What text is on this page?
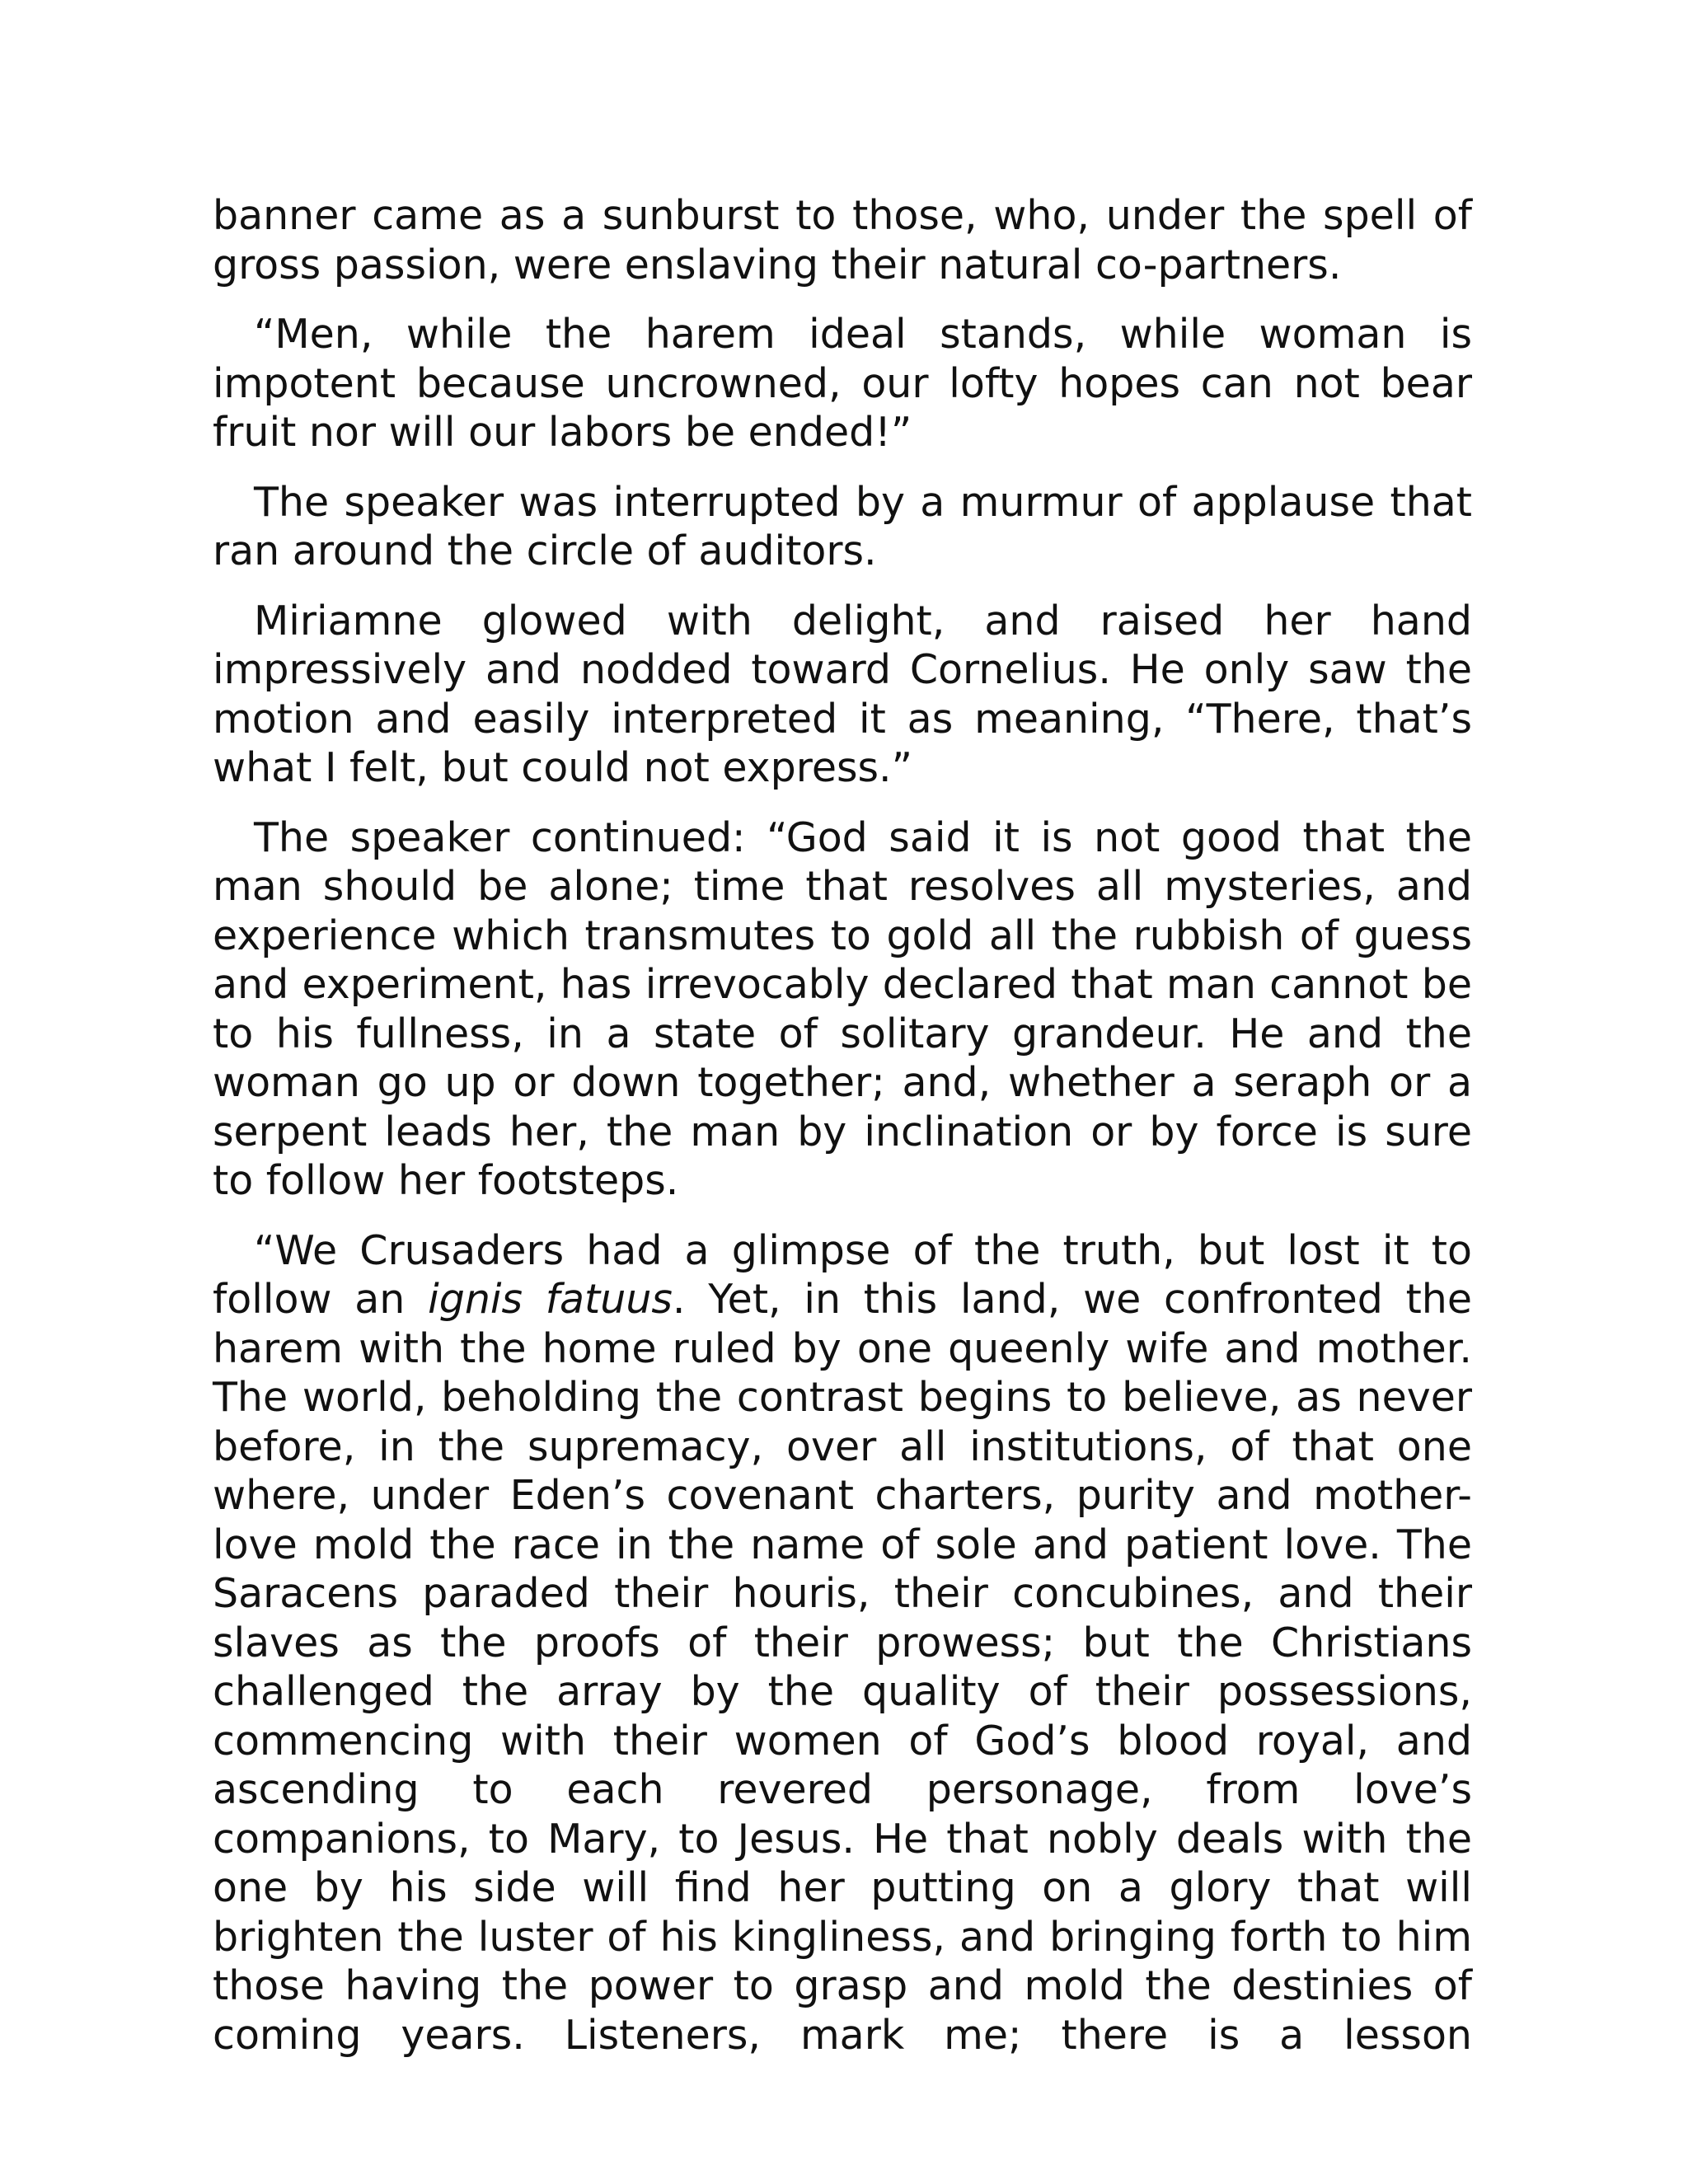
banner came as a sunburst to those, who, under the spell of gross passion, were enslaving their natural co-partners.

“Men, while the harem ideal stands, while woman is impotent because uncrowned, our lofty hopes can not bear fruit nor will our labors be ended!”

The speaker was interrupted by a murmur of applause that ran around the circle of auditors.

Miriamne glowed with delight, and raised her hand impressively and nodded toward Cornelius. He only saw the motion and easily interpreted it as meaning, “There, that’s what I felt, but could not express.”

The speaker continued: “God said it is not good that the man should be alone; time that resolves all mysteries, and experience which transmutes to gold all the rubbish of guess and experiment, has irrevocably declared that man cannot be to his fullness, in a state of solitary grandeur. He and the woman go up or down together; and, whether a seraph or a serpent leads her, the man by inclination or by force is sure to follow her footsteps.

“We Crusaders had a glimpse of the truth, but lost it to follow an ignis fatuus. Yet, in this land, we confronted the harem with the home ruled by one queenly wife and mother. The world, beholding the contrast begins to believe, as never before, in the supremacy, over all institutions, of that one where, under Eden’s covenant charters, purity and mother-love mold the race in the name of sole and patient love. The Saracens paraded their houris, their concubines, and their slaves as the proofs of their prowess; but the Christians challenged the array by the quality of their possessions, commencing with their women of God’s blood royal, and ascending to each revered personage, from love’s companions, to Mary, to Jesus. He that nobly deals with the one by his side will find her putting on a glory that will brighten the luster of his kingliness, and bringing forth to him those having the power to grasp and mold the destinies of coming years. Listeners, mark me; there is a lesson
